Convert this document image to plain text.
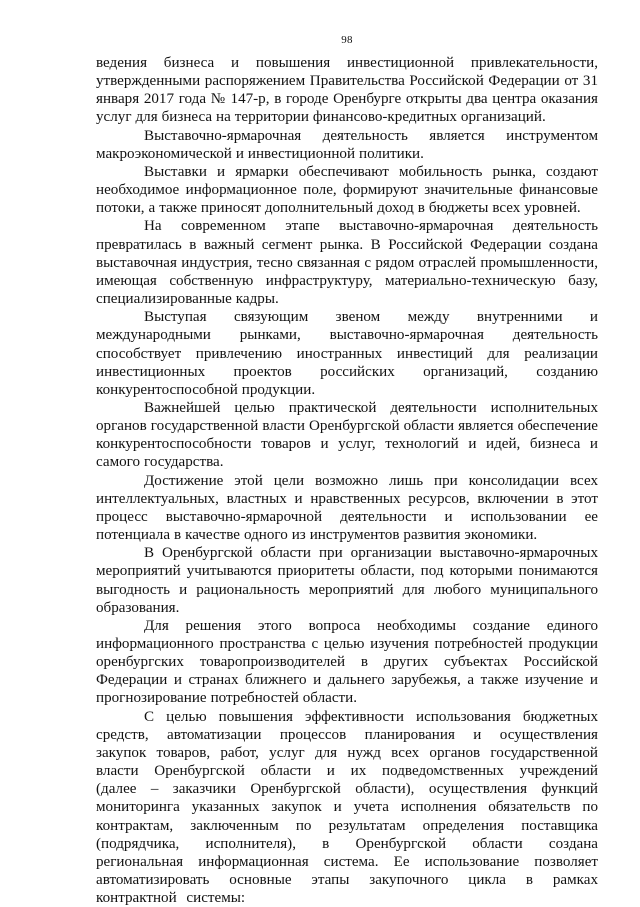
98

ведения бизнеса и повышения инвестиционной привлекательности, утвержденными распоряжением Правительства Российской Федерации от 31 января 2017 года № 147-р, в городе Оренбурге открыты два центра оказания услуг для бизнеса на территории финансово-кредитных организаций.

Выставочно-ярмарочная деятельность является инструментом макроэкономической и инвестиционной политики.

Выставки и ярмарки обеспечивают мобильность рынка, создают необходимое информационное поле, формируют значительные финансовые потоки, а также приносят дополнительный доход в бюджеты всех уровней.

На современном этапе выставочно-ярмарочная деятельность превратилась в важный сегмент рынка. В Российской Федерации создана выставочная индустрия, тесно связанная с рядом отраслей промышленности, имеющая собственную инфраструктуру, материально-техническую базу, специализированные кадры.

Выступая связующим звеном между внутренними и международными рынками, выставочно-ярмарочная деятельность способствует привлечению иностранных инвестиций для реализации инвестиционных проектов российских организаций, созданию конкурентоспособной продукции.

Важнейшей целью практической деятельности исполнительных органов государственной власти Оренбургской области является обеспечение конкурентоспособности товаров и услуг, технологий и идей, бизнеса и самого государства.

Достижение этой цели возможно лишь при консолидации всех интеллектуальных, властных и нравственных ресурсов, включении в этот процесс выставочно-ярмарочной деятельности и использовании ее потенциала в качестве одного из инструментов развития экономики.

В Оренбургской области при организации выставочно-ярмарочных мероприятий учитываются приоритеты области, под которыми понимаются выгодность и рациональность мероприятий для любого муниципального образования.

Для решения этого вопроса необходимы создание единого информационного пространства с целью изучения потребностей продукции оренбургских товаропроизводителей в других субъектах Российской Федерации и странах ближнего и дальнего зарубежья, а также изучение и прогнозирование потребностей области.

С целью повышения эффективности использования бюджетных средств, автоматизации процессов планирования и осуществления закупок товаров, работ, услуг для нужд всех органов государственной власти Оренбургской области и их подведомственных учреждений (далее – заказчики Оренбургской области), осуществления функций мониторинга указанных закупок и учета исполнения обязательств по контрактам, заключенным по результатам определения поставщика (подрядчика, исполнителя), в Оренбургской области создана региональная информационная система. Ее использование позволяет автоматизировать основные этапы закупочного цикла в рамках контрактной системы:
